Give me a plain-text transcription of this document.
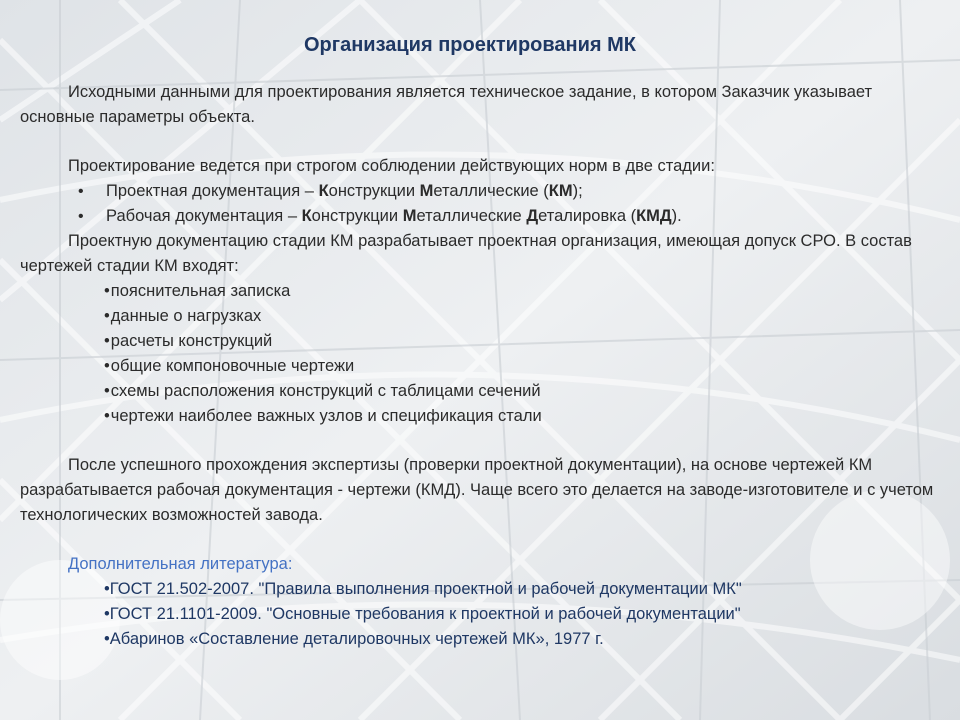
Организация проектирования МК

Исходными данными для проектирования является техническое задание, в котором Заказчик указывает основные параметры объекта.

Проектирование ведется при строгом соблюдении действующих норм в две стадии:

• Проектная документация – Конструкции Металлические (КМ);
• Рабочая документация – Конструкции Металлические Деталировка (КМД).

Проектную документацию стадии КМ разрабатывает проектная организация, имеющая допуск СРО. В состав чертежей стадии КМ входят:

•пояснительная записка
•данные о нагрузках
•расчеты конструкций
•общие компоновочные чертежи
•схемы расположения конструкций с таблицами сечений
•чертежи наиболее важных узлов и спецификация стали

После успешного прохождения экспертизы (проверки проектной документации), на основе чертежей КМ разрабатывается рабочая документация - чертежи (КМД). Чаще всего это делается на заводе-изготовителе и с учетом технологических возможностей завода.

Дополнительная литература:
•ГОСТ 21.502-2007. "Правила выполнения проектной и рабочей документации МК"
•ГОСТ 21.1101-2009. "Основные требования к проектной и рабочей документации"
•Абаринов «Составление деталировочных чертежей МК», 1977 г.
